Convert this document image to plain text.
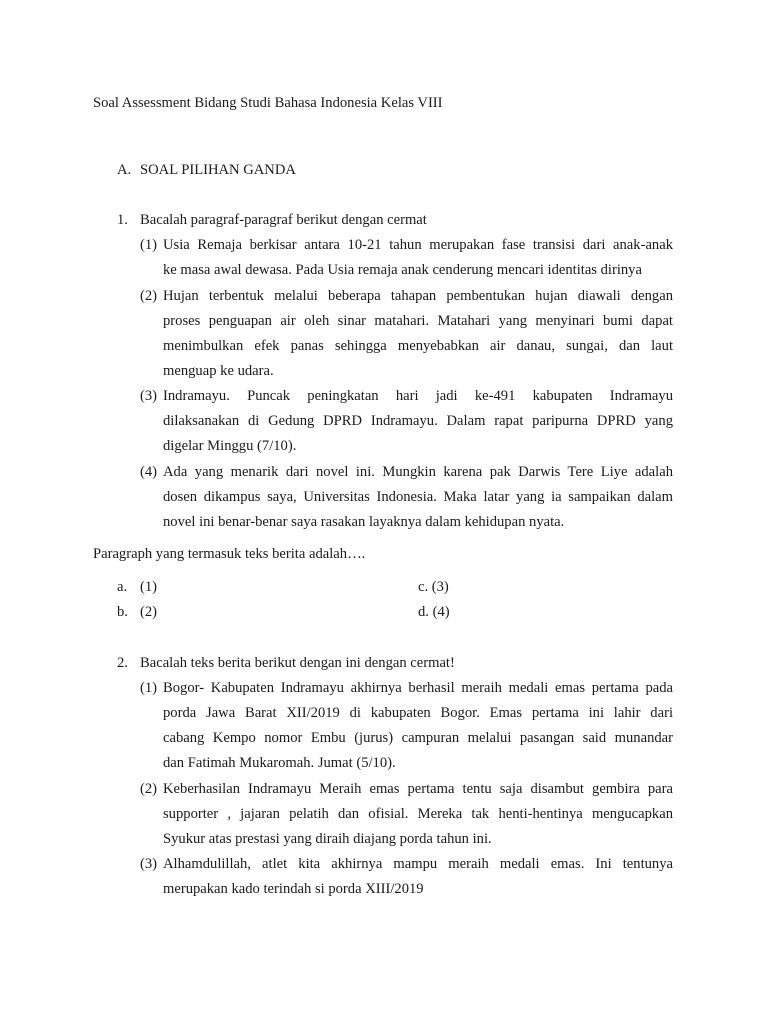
Soal Assessment Bidang Studi Bahasa Indonesia Kelas VIII
A. SOAL PILIHAN GANDA
1. Bacalah paragraf-paragraf berikut dengan cermat
(1) Usia Remaja berkisar antara 10-21 tahun merupakan fase transisi dari anak-anak
ke masa awal dewasa. Pada Usia remaja anak cenderung mencari identitas dirinya
(2) Hujan terbentuk melalui beberapa tahapan pembentukan hujan diawali dengan
proses penguapan air oleh sinar matahari. Matahari yang menyinari bumi dapat
menimbulkan efek panas sehingga menyebabkan air danau, sungai, dan laut
menguap ke udara.
(3) Indramayu. Puncak peningkatan hari jadi ke-491 kabupaten Indramayu
dilaksanakan di Gedung DPRD Indramayu. Dalam rapat paripurna DPRD yang
digelar Minggu (7/10).
(4) Ada yang menarik dari novel ini. Mungkin karena pak Darwis Tere Liye adalah
dosen dikampus saya, Universitas Indonesia. Maka latar yang ia sampaikan dalam
novel ini benar-benar saya rasakan layaknya dalam kehidupan nyata.
Paragraph yang termasuk teks berita adalah….
a. (1)	c. (3)
b. (2)	d. (4)
2. Bacalah teks berita berikut dengan ini dengan cermat!
(1) Bogor- Kabupaten Indramayu akhirnya berhasil meraih medali emas pertama pada
porda Jawa Barat XII/2019 di kabupaten Bogor. Emas pertama ini lahir dari
cabang Kempo nomor Embu (jurus) campuran melalui pasangan said munandar
dan Fatimah Mukaromah. Jumat (5/10).
(2) Keberhasilan Indramayu Meraih emas pertama tentu saja disambut gembira para
supporter , jajaran pelatih dan ofisial. Mereka tak henti-hentinya mengucapkan
Syukur atas prestasi yang diraih diajang porda tahun ini.
(3) Alhamdulillah, atlet kita akhirnya mampu meraih medali emas. Ini tentunya
merupakan kado terindah si porda XIII/2019
